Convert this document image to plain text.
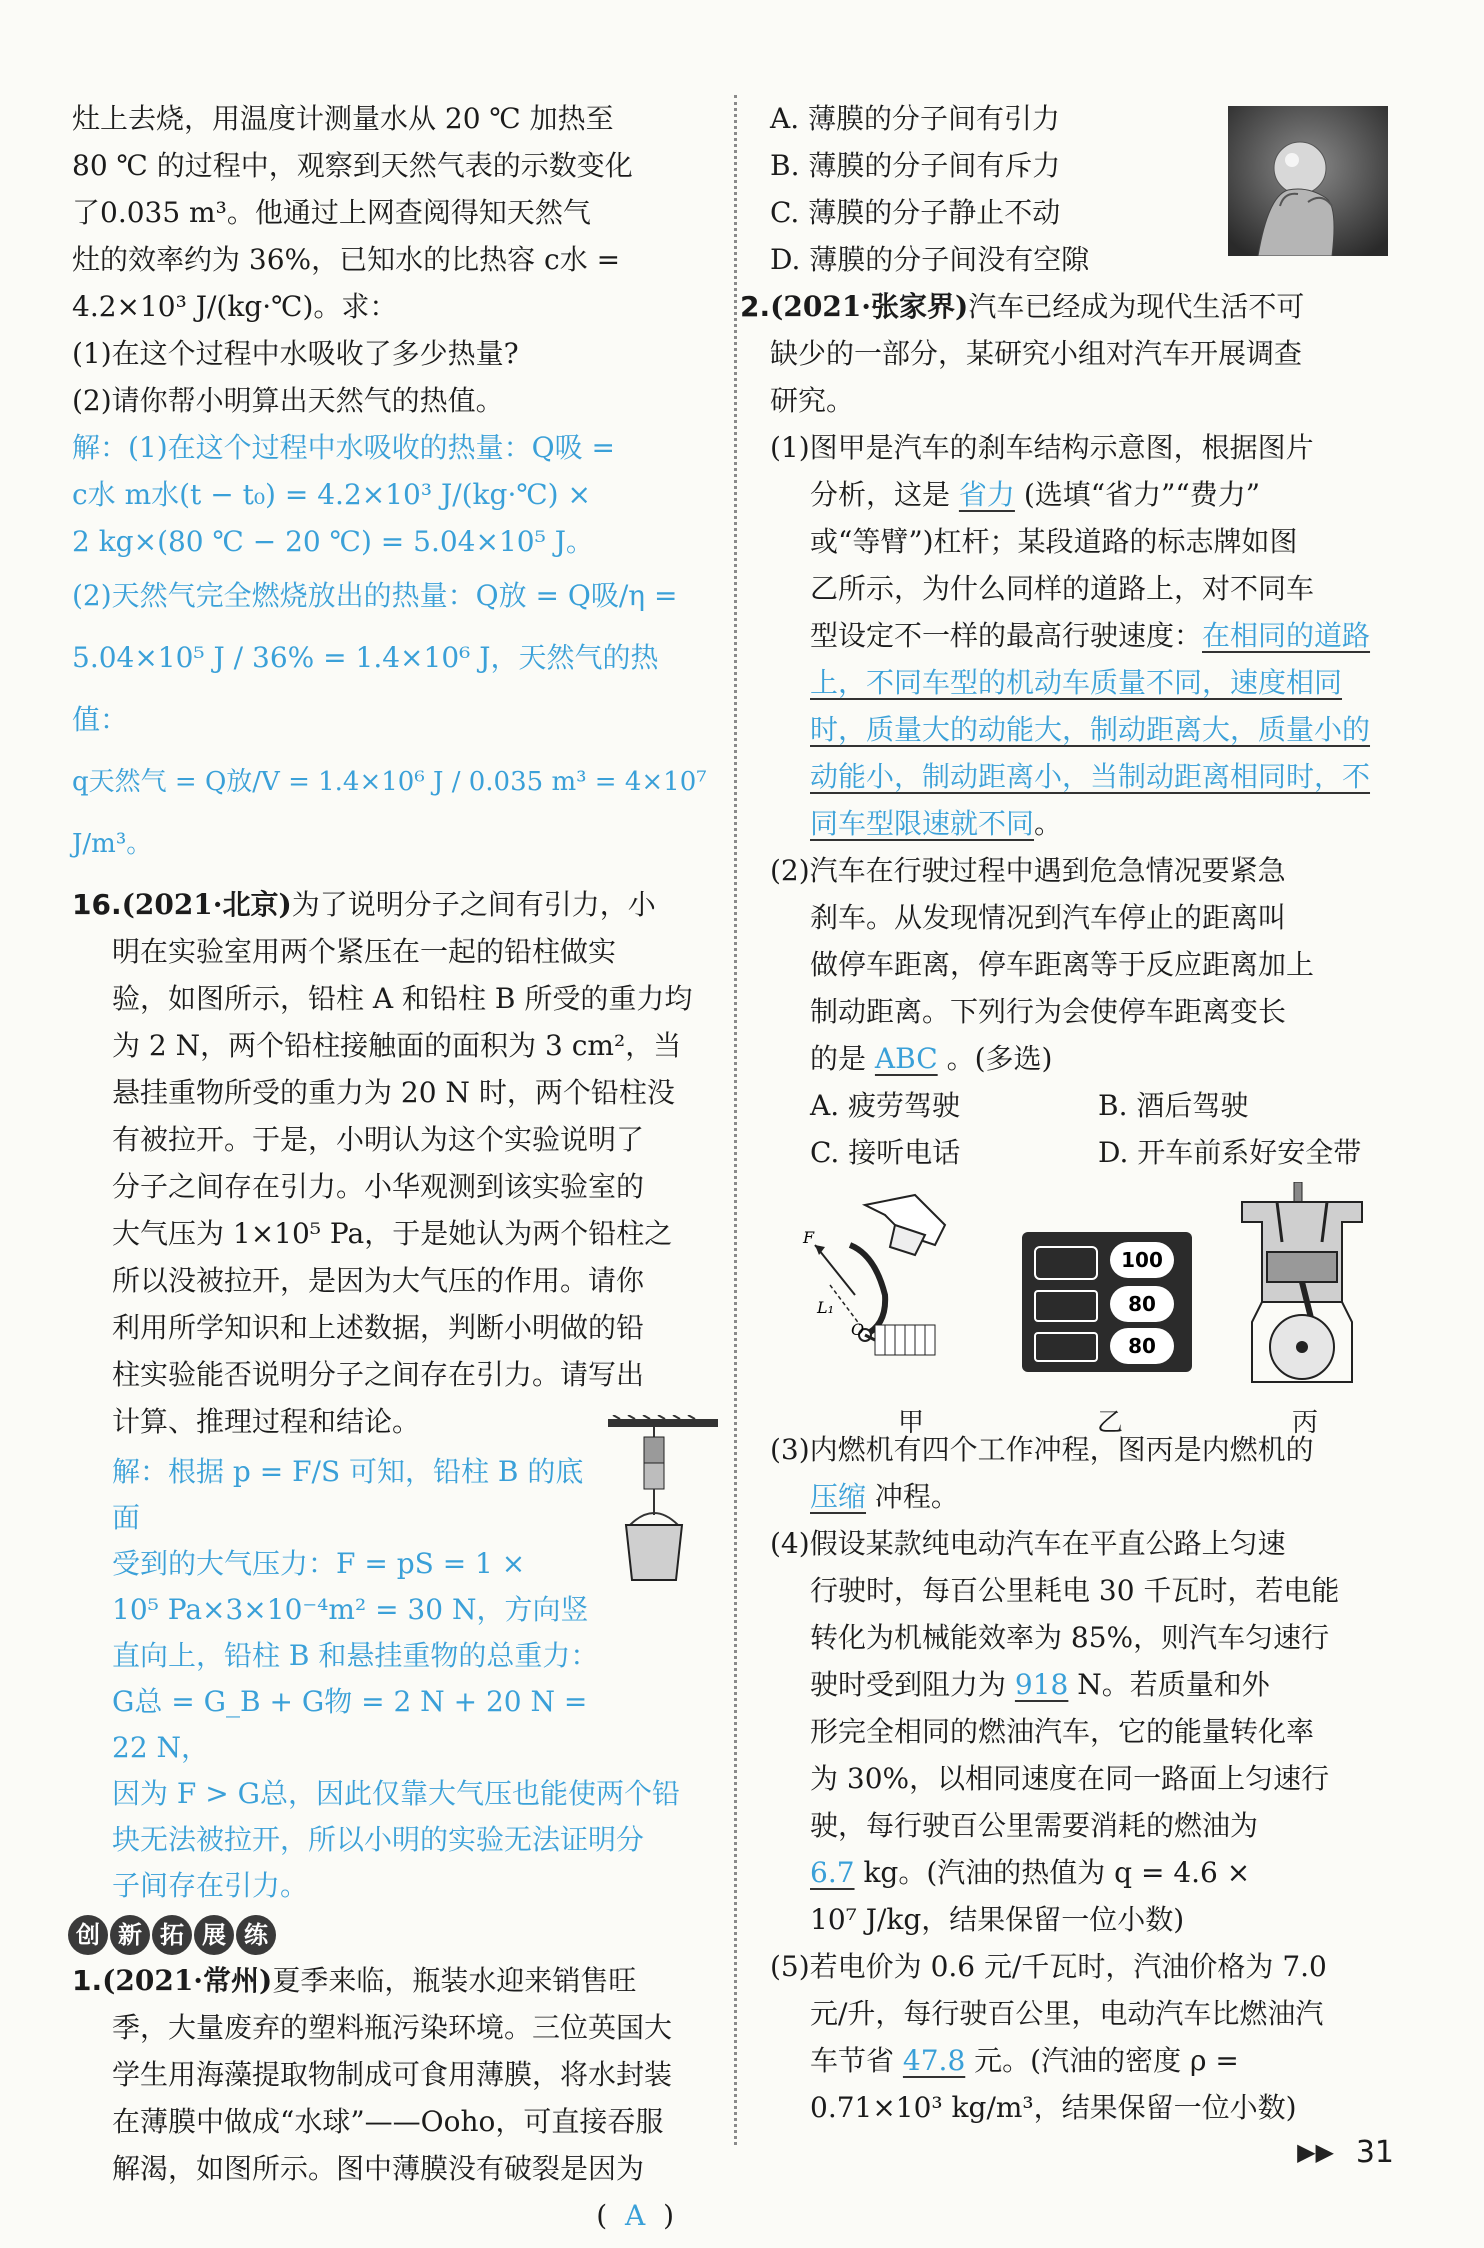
灶上去烧，用温度计测量水从 20 ℃ 加热至

80 ℃ 的过程中，观察到天然气表的示数变化

了0.035 m³。他通过上网查阅得知天然气

灶的效率约为 36%，已知水的比热容 c水 =

4.2×10³ J/(kg·℃)。求：

(1)在这个过程中水吸收了多少热量?

(2)请你帮小明算出天然气的热值。

解：(1)在这个过程中水吸收的热量：Q吸 =

c水 m水(t − t₀) = 4.2×10³ J/(kg·℃) ×

2 kg×(80 ℃ − 20 ℃) = 5.04×10⁵ J。

(2)天然气完全燃烧放出的热量：Q放 = Q吸/η =

5.04×10⁵ J / 36% = 1.4×10⁶ J，天然气的热值：

q天然气 = Q放/V = 1.4×10⁶ J / 0.035 m³ = 4×10⁷ J/m³。

16.(2021·北京)为了说明分子之间有引力，小

明在实验室用两个紧压在一起的铅柱做实

验，如图所示，铅柱 A 和铅柱 B 所受的重力均

为 2 N，两个铅柱接触面的面积为 3 cm²，当

悬挂重物所受的重力为 20 N 时，两个铅柱没

有被拉开。于是，小明认为这个实验说明了

分子之间存在引力。小华观测到该实验室的

大气压为 1×10⁵ Pa，于是她认为两个铅柱之

所以没被拉开，是因为大气压的作用。请你

利用所学知识和上述数据，判断小明做的铅

柱实验能否说明分子之间存在引力。请写出

计算、推理过程和结论。

解：根据 p = F/S 可知，铅柱 B 的底面

受到的大气压力：F = pS = 1 ×

10⁵ Pa×3×10⁻⁴m² = 30 N，方向竖

直向上，铅柱 B 和悬挂重物的总重力：

G总 = G_B + G物 = 2 N + 20 N = 22 N，

因为 F > G总，因此仅靠大气压也能使两个铅

块无法被拉开，所以小明的实验无法证明分

子间存在引力。

创 新 拓 展 练

1.(2021·常州)夏季来临，瓶装水迎来销售旺

季，大量废弃的塑料瓶污染环境。三位英国大

学生用海藻提取物制成可食用薄膜，将水封装

在薄膜中做成“水球”——Ooho，可直接吞服

解渴，如图所示。图中薄膜没有破裂是因为

( A )

A. 薄膜的分子间有引力

B. 薄膜的分子间有斥力

C. 薄膜的分子静止不动

D. 薄膜的分子间没有空隙

2.(2021·张家界)汽车已经成为现代生活不可

缺少的一部分，某研究小组对汽车开展调查

研究。

(1)图甲是汽车的刹车结构示意图，根据图片

分析，这是 省力 (选填“省力”“费力”

或“等臂”)杠杆；某段道路的标志牌如图

乙所示，为什么同样的道路上，对不同车

型设定不一样的最高行驶速度：在相同的道路上，不同车型的机动车质量不同，速度相同时，质量大的动能大，制动距离大，质量小的动能小，制动距离小，当制动距离相同时，不同车型限速就不同。

(2)汽车在行驶过程中遇到危急情况要紧急

刹车。从发现情况到汽车停止的距离叫

做停车距离，停车距离等于反应距离加上

制动距离。下列行为会使停车距离变长

的是 ABC 。(多选)

A. 疲劳驾驶	B. 酒后驾驶
C. 接听电话	D. 开车前系好安全带

(3)内燃机有四个工作冲程，图丙是内燃机的

压缩 冲程。

(4)假设某款纯电动汽车在平直公路上匀速

行驶时，每百公里耗电 30 千瓦时，若电能

转化为机械能效率为 85%，则汽车匀速行

驶时受到阻力为 918 N。若质量和外

形完全相同的燃油汽车，它的能量转化率

为 30%，以相同速度在同一路面上匀速行

驶，每行驶百公里需要消耗的燃油为

6.7 kg。(汽油的热值为 q = 4.6 ×

10⁷ J/kg，结果保留一位小数)

(5)若电价为 0.6 元/千瓦时，汽油价格为 7.0

元/升，每行驶百公里，电动汽车比燃油汽

车节省 47.8 元。(汽油的密度 ρ =

0.71×10³ kg/m³，结果保留一位小数)

F
L₁
O
100
80
80
甲	乙	丙
▶▶ 31
